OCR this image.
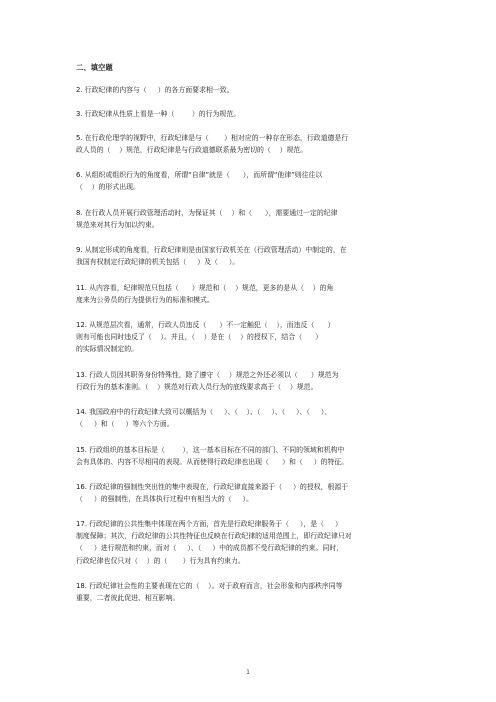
二、填空题
2. 行政纪律的内容与（     ）的各方面要求相一致。
3. 行政纪律从性质上看是一种（        ）的行为规范。
5. 在行政伦理学的视野中，行政纪律是与（       ）相对应的一种存在形态，行政道德是行
政人员的（    ）规范，行政纪律是与行政道德联系最为密切的（    ）规范。
6. 从组织或组织行为的角度看，所谓“自律”就是（      ），而所谓“他律”则往往以
（    ）的形式出现。
8. 在行政人员开展行政管理活动时，为保证其（    ）和（      ），需要通过一定的纪律
规范来对其行为加以约束。
9. 从制定形成的角度看，行政纪律则是由国家行政机关在（行政管理活动）中制定的，在
我国有权制定行政纪律的机关包括（     ）及（     ）。
11. 从内容看，纪律规范只包括（      ）规范和（    ）规范，更多的是从（    ）的角
度来为公务员的行为提供行为的标准和模式。
12. 从规范层次看，通常，行政人员违反（      ）不一定触犯（    ），而违反（      ）
则有可能也同时违反了（    ）。并且，（    ）是在（    ）的授权下，结合（      ）
的实际情况制定的。
13. 行政人员因其职务身份特殊性，除了遵守（    ）规范之外还必须以（      ）规范为
行政行为的基本准则。（    ）规范对行政人员行为的底线要求高于（    ）规范。
14. 我国政府中的行政纪律大致可以概括为（     ）、（    ）、（     ）、（     ）、（     ）、
（     ）和（     ）等六个方面。
15. 行政组织的基本目标是（        ），这一基本目标在不同的部门、不同的领域和机构中
会有具体的、内容不尽相同的表现。从而使得行政纪律也出现（      ）和（     ）的特征。
16. 行政纪律的强制性突出性的集中表现在，行政纪律直接来源于（     ）的授权，根源于
（     ）的强制性，在具体执行过程中有相当大的（     ）。
17. 行政纪律的公共性集中体现在两个方面，首先是行政纪律服务于（     ），是（     ）
制度保障；其次，行政纪律的公共性特征也反映在行政纪律的适用范围上，即行政纪律只对
（     ）进行规范和约束，而对（     ）、（     ）中的成员都不受行政纪律的约束。同时，
行政纪律也仅只对（    ）的（       ）行为具有约束力。
18. 行政纪律社会性的主要表现在它的（    ）。对于政府而言，社会形象和内部秩序同等
重要，二者彼此促进、相互影响。
1
